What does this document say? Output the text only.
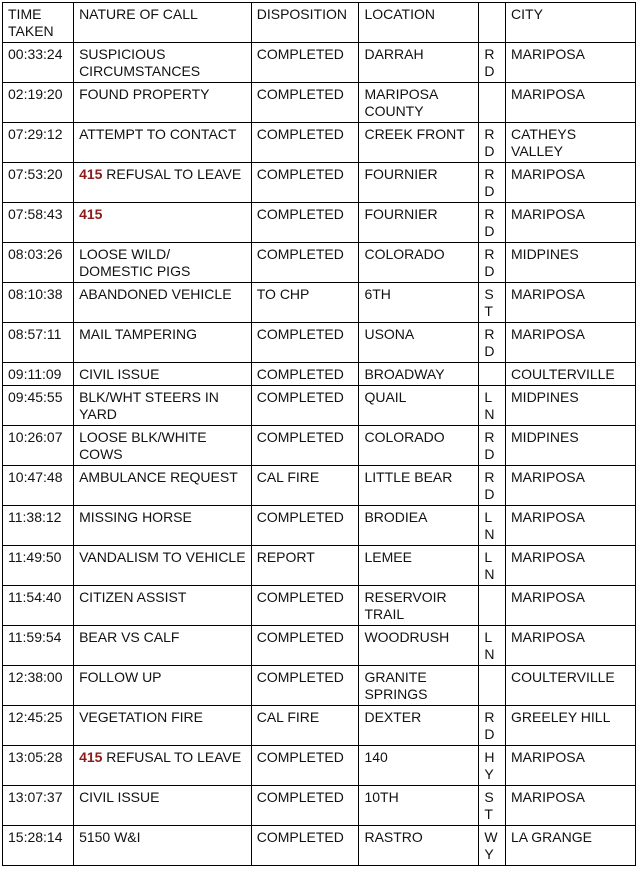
TIME TAKEN	NATURE OF CALL	DISPOSITION	LOCATION		CITY
00:33:24	SUSPICIOUS CIRCUMSTANCES	COMPLETED	DARRAH	RD	MARIPOSA
02:19:20	FOUND PROPERTY	COMPLETED	MARIPOSA COUNTY		MARIPOSA
07:29:12	ATTEMPT TO CONTACT	COMPLETED	CREEK FRONT	RD	CATHEYS VALLEY
07:53:20	415 REFUSAL TO LEAVE	COMPLETED	FOURNIER	RD	MARIPOSA
07:58:43	415	COMPLETED	FOURNIER	RD	MARIPOSA
08:03:26	LOOSE WILD/ DOMESTIC PIGS	COMPLETED	COLORADO	RD	MIDPINES
08:10:38	ABANDONED VEHICLE	TO CHP	6TH	ST	MARIPOSA
08:57:11	MAIL TAMPERING	COMPLETED	USONA	RD	MARIPOSA
09:11:09	CIVIL ISSUE	COMPLETED	BROADWAY		COULTERVILLE
09:45:55	BLK/WHT STEERS IN YARD	COMPLETED	QUAIL	LN	MIDPINES
10:26:07	LOOSE BLK/WHITE COWS	COMPLETED	COLORADO	RD	MIDPINES
10:47:48	AMBULANCE REQUEST	CAL FIRE	LITTLE BEAR	RD	MARIPOSA
11:38:12	MISSING HORSE	COMPLETED	BRODIEA	LN	MARIPOSA
11:49:50	VANDALISM TO VEHICLE	REPORT	LEMEE	LN	MARIPOSA
11:54:40	CITIZEN ASSIST	COMPLETED	RESERVOIR TRAIL		MARIPOSA
11:59:54	BEAR VS CALF	COMPLETED	WOODRUSH	LN	MARIPOSA
12:38:00	FOLLOW UP	COMPLETED	GRANITE SPRINGS		COULTERVILLE
12:45:25	VEGETATION FIRE	CAL FIRE	DEXTER	RD	GREELEY HILL
13:05:28	415 REFUSAL TO LEAVE	COMPLETED	140	HY	MARIPOSA
13:07:37	CIVIL ISSUE	COMPLETED	10TH	ST	MARIPOSA
15:28:14	5150 W&I	COMPLETED	RASTRO	WY	LA GRANGE
